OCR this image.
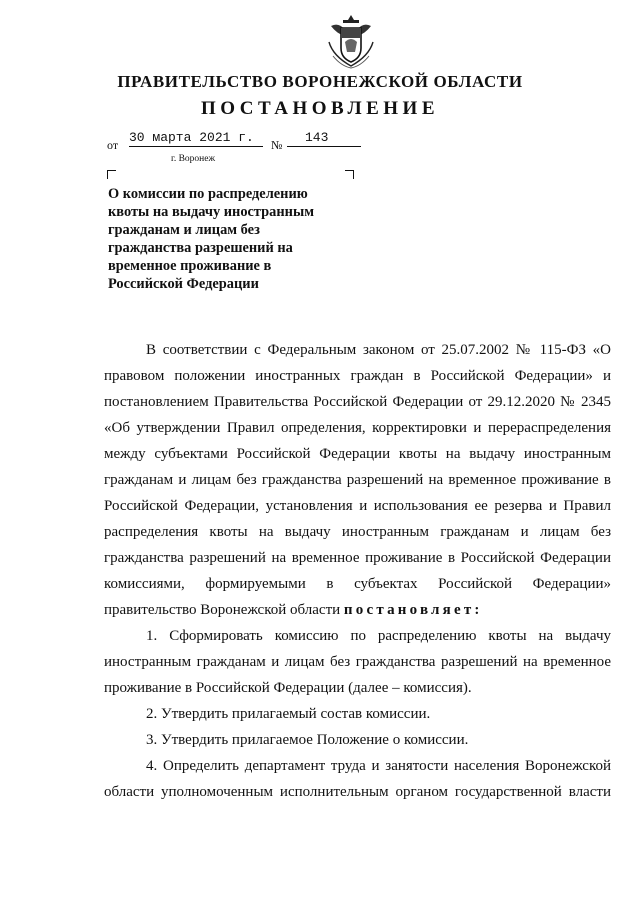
ПРАВИТЕЛЬСТВО ВОРОНЕЖСКОЙ ОБЛАСТИ
ПОСТАНОВЛЕНИЕ
от 30 марта 2021 г.	№	143
г. Воронеж
О комиссии по распределению
квоты на выдачу иностранным
гражданам и лицам без
гражданства разрешений на
временное проживание в
Российской Федерации
В соответствии с Федеральным законом от 25.07.2002 № 115-ФЗ «О
правовом положении иностранных граждан в Российской Федерации» и
постановлением Правительства Российской Федерации от 29.12.2020 № 2345
«Об утверждении Правил определения, корректировки и перераспределения
между субъектами Российской Федерации квоты на выдачу иностранным
гражданам и лицам без гражданства разрешений на временное проживание в
Российской Федерации, установления и использования ее резерва и Правил
распределения квоты на выдачу иностранным гражданам и лицам без
гражданства разрешений на временное проживание в Российской Федерации
комиссиями, формируемыми в субъектах Российской Федерации»
правительство Воронежской области постановляет:
1. Сформировать комиссию по распределению квоты на выдачу
иностранным гражданам и лицам без гражданства разрешений на временное
проживание в Российской Федерации (далее – комиссия).
2. Утвердить прилагаемый состав комиссии.
3. Утвердить прилагаемое Положение о комиссии.
4. Определить департамент труда и занятости населения Воронежской
области уполномоченным исполнительным органом государственной власти
